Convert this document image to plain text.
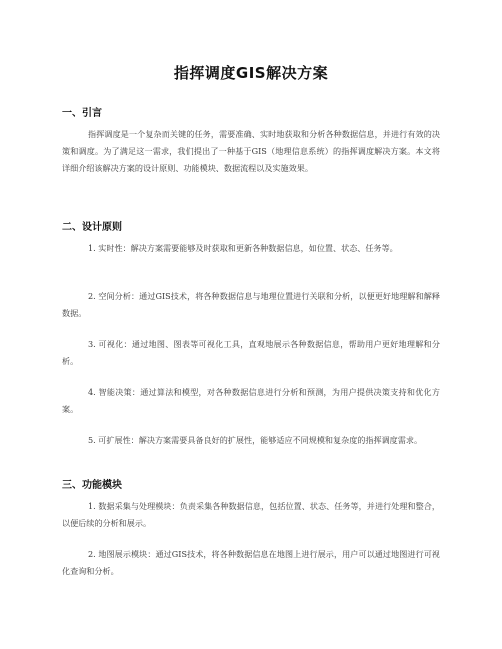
指挥调度GIS解决方案
一、引言

指挥调度是一个复杂而关键的任务，需要准确、实时地获取和分析各种数据信息，并进行有效的决策和调度。为了满足这一需求，我们提出了一种基于GIS（地理信息系统）的指挥调度解决方案。本文将详细介绍该解决方案的设计原则、功能模块、数据流程以及实施效果。

二、设计原则

1. 实时性：解决方案需要能够及时获取和更新各种数据信息，如位置、状态、任务等。

2. 空间分析：通过GIS技术，将各种数据信息与地理位置进行关联和分析，以便更好地理解和解释数据。

3. 可视化：通过地图、图表等可视化工具，直观地展示各种数据信息，帮助用户更好地理解和分析。

4. 智能决策：通过算法和模型，对各种数据信息进行分析和预测，为用户提供决策支持和优化方案。

5. 可扩展性：解决方案需要具备良好的扩展性，能够适应不同规模和复杂度的指挥调度需求。

三、功能模块

1. 数据采集与处理模块：负责采集各种数据信息，包括位置、状态、任务等，并进行处理和整合，以便后续的分析和展示。

2. 地图展示模块：通过GIS技术，将各种数据信息在地图上进行展示，用户可以通过地图进行可视化查询和分析。
